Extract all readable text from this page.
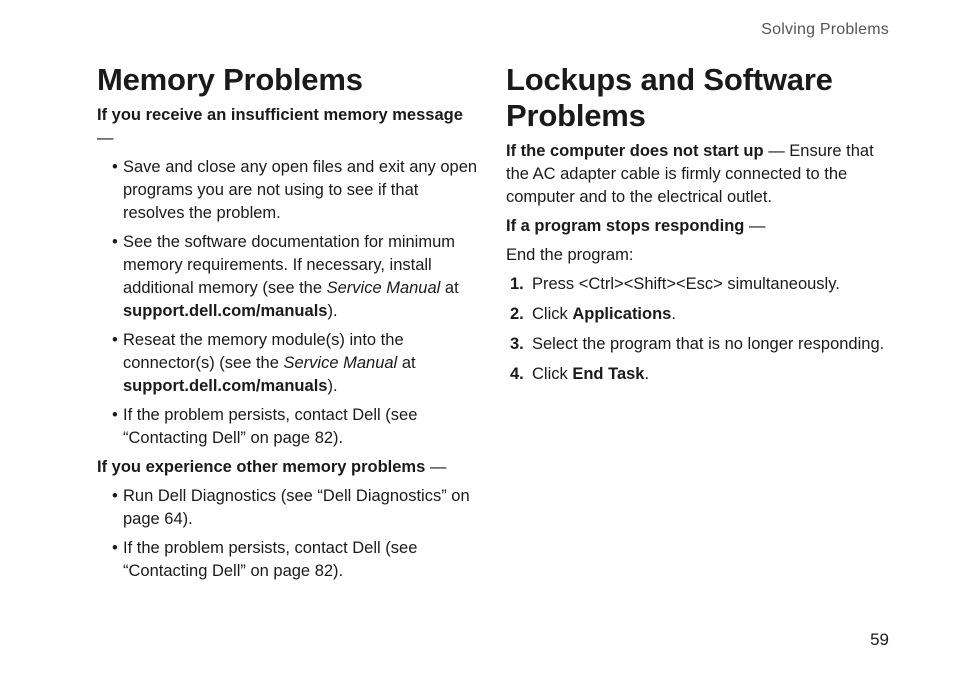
Solving Problems
Memory Problems

If you receive an insufficient memory message —

• Save and close any open files and exit any open programs you are not using to see if that resolves the problem.
• See the software documentation for minimum memory requirements. If necessary, install additional memory (see the Service Manual at support.dell.com/manuals).
• Reseat the memory module(s) into the connector(s) (see the Service Manual at support.dell.com/manuals).
• If the problem persists, contact Dell (see “Contacting Dell” on page 82).

If you experience other memory problems —

• Run Dell Diagnostics (see “Dell Diagnostics” on page 64).
• If the problem persists, contact Dell (see “Contacting Dell” on page 82).
Lockups and Software Problems

If the computer does not start up — Ensure that the AC adapter cable is firmly connected to the computer and to the electrical outlet.

If a program stops responding —

End the program:

1. Press <Ctrl><Shift><Esc> simultaneously.
2. Click Applications.
3. Select the program that is no longer responding.
4. Click End Task.
59
